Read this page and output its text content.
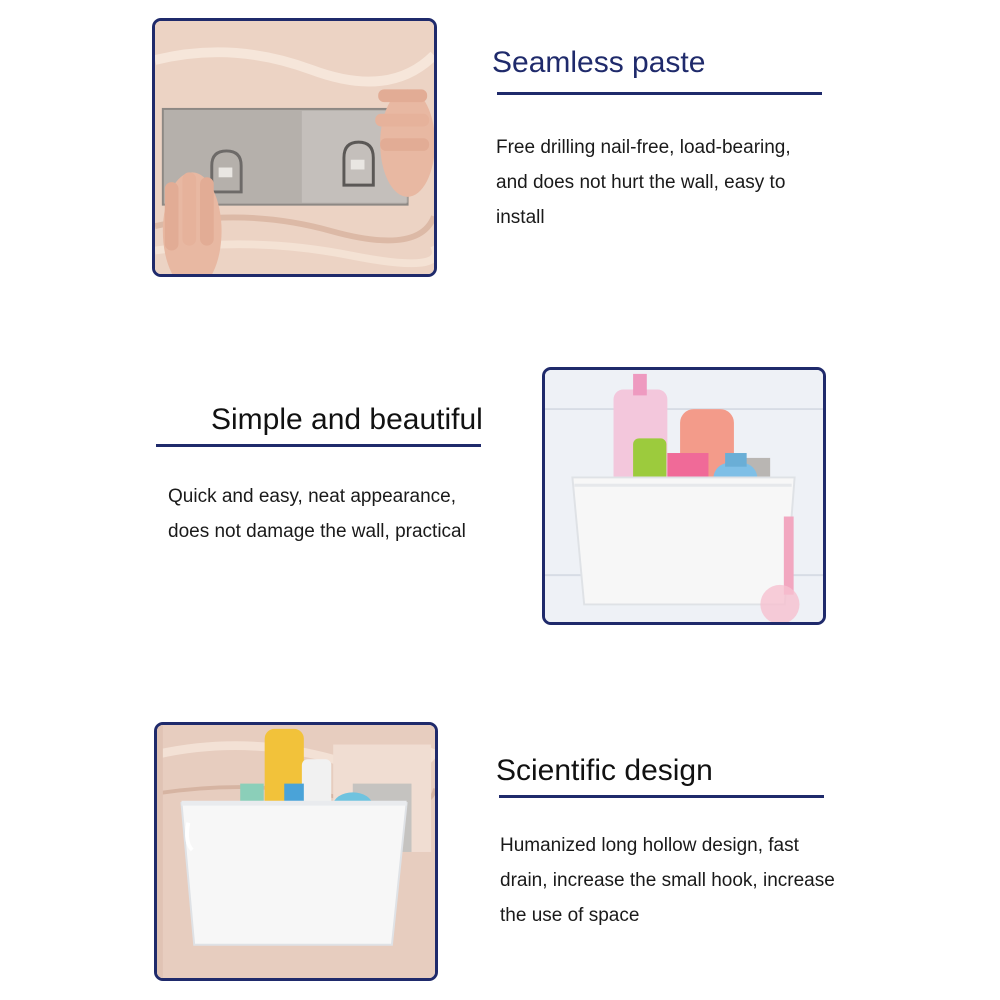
Seamless paste

Free drilling nail-free, load-bearing,
and does not hurt the wall, easy to
install

Simple and beautiful

Quick and easy, neat appearance,
does not damage the wall, practical

Scientific design

Humanized long hollow design, fast
drain, increase the small hook, increase
the use of space
